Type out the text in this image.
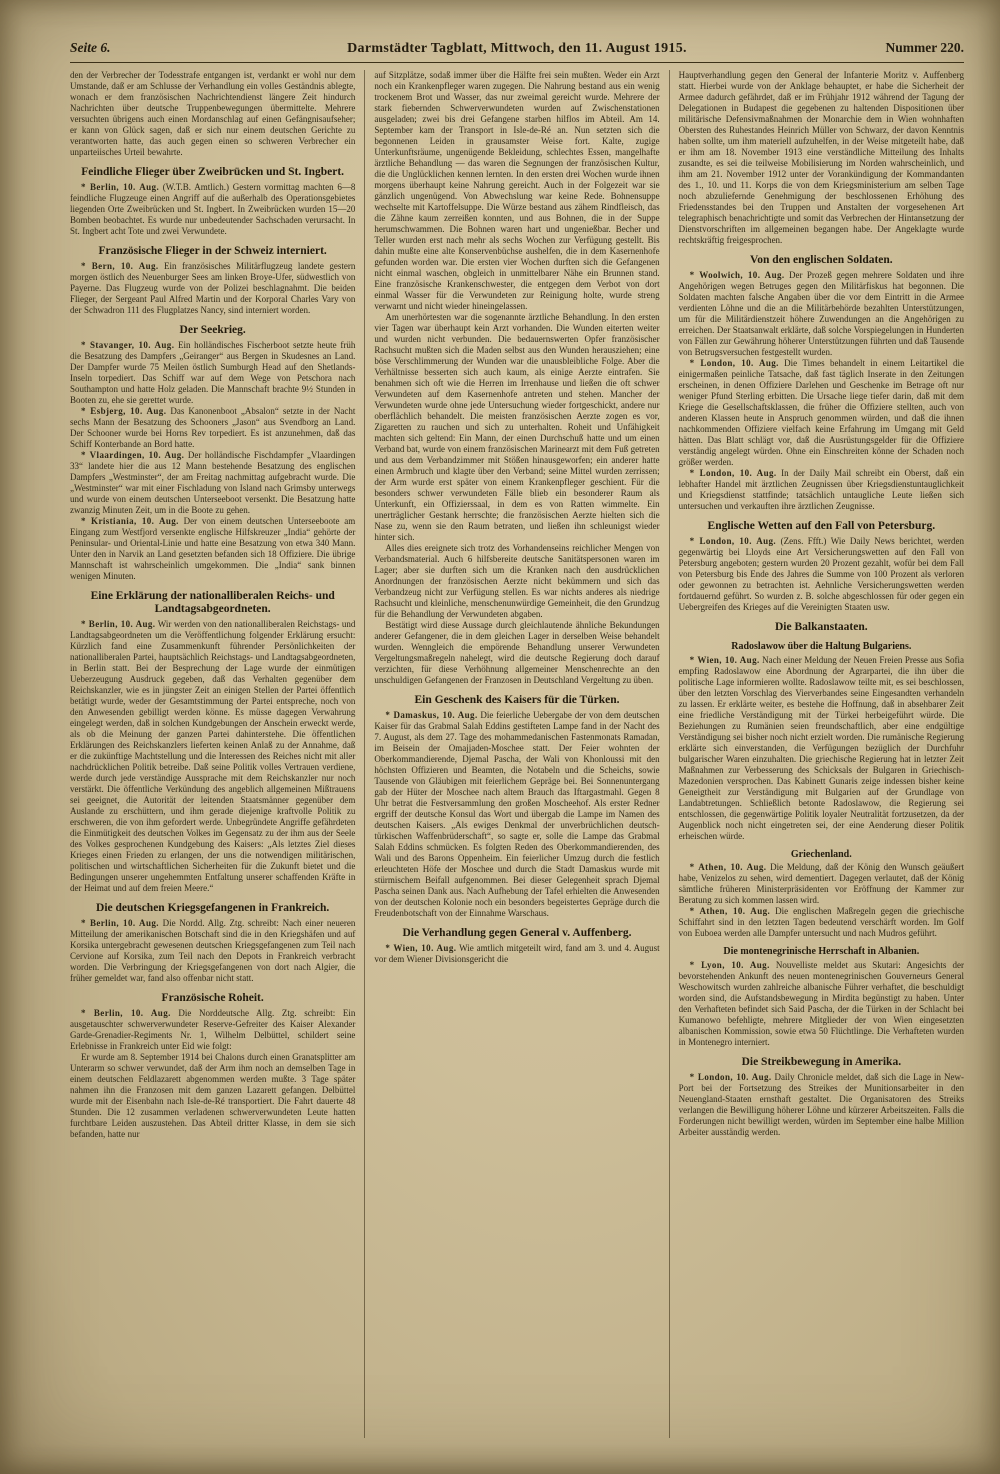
Seite 6.	Darmstädter Tagblatt, Mittwoch, den 11. August 1915.	Nummer 220.
den der Verbrecher der Todesstrafe entgangen ist, verdankt er wohl nur dem Umstande, daß er am Schlusse der Verhandlung ein volles Geständnis ablegte, wonach er dem französischen Nachrichtendienst längere Zeit hindurch Nachrichten über deutsche Truppenbewegungen übermittelte. Mehrere versuchten übrigens auch einen Mordanschlag auf einen Gefängnisaufseher; er kann von Glück sagen, daß er sich nur einem deutschen Gerichte zu verantworten hatte, das auch gegen einen so schweren Verbrecher ein unparteiisches Urteil bewahrte.
Feindliche Flieger über Zweibrücken und St. Ingbert.
* Berlin, 10. Aug. (W.T.B. Amtlich.) Gestern vormittag machten 6—8 feindliche Flugzeuge einen Angriff auf die außerhalb des Operationsgebietes liegenden Orte Zweibrücken und St. Ingbert. In Zweibrücken wurden 15—20 Bomben beobachtet. Es wurde nur unbedeutender Sachschaden verursacht. In St. Ingbert acht Tote und zwei Verwundete.
Französische Flieger in der Schweiz interniert.
* Bern, 10. Aug. Ein französisches Militärflugzeug landete gestern morgen östlich des Neuenburger Sees am linken Broye-Ufer, südwestlich von Payerne. Das Flugzeug wurde von der Polizei beschlagnahmt. Die beiden Flieger, der Sergeant Paul Alfred Martin und der Korporal Charles Vary von der Schwadron 111 des Flugplatzes Nancy, sind interniert worden.
Der Seekrieg.
* Stavanger, 10. Aug. Ein holländisches Fischerboot setzte heute früh die Besatzung des Dampfers „Geiranger“ aus Bergen in Skudesnes an Land. Der Dampfer wurde 75 Meilen östlich Sumburgh Head auf den Shetlands-Inseln torpediert. Das Schiff war auf dem Wege von Petschora nach Southampton und hatte Holz geladen. Die Mannschaft brachte 9½ Stunden in Booten zu, ehe sie gerettet wurde.
* Esbjerg, 10. Aug. Das Kanonenboot „Absalon“ setzte in der Nacht sechs Mann der Besatzung des Schooners „Jason“ aus Svendborg an Land. Der Schooner wurde bei Horns Rev torpediert. Es ist anzunehmen, daß das Schiff Konterbande an Bord hatte.
* Vlaardingen, 10. Aug. Der holländische Fischdampfer „Vlaardingen 33“ landete hier die aus 12 Mann bestehende Besatzung des englischen Dampfers „Westminster“, der am Freitag nachmittag aufgebracht wurde. Die „Westminster“ war mit einer Fischladung von Island nach Grimsby unterwegs und wurde von einem deutschen Unterseeboot versenkt. Die Besatzung hatte zwanzig Minuten Zeit, um in die Boote zu gehen.
* Kristiania, 10. Aug. Der von einem deutschen Unterseeboote am Eingang zum Westfjord versenkte englische Hilfskreuzer „India“ gehörte der Peninsular- und Oriental-Linie und hatte eine Besatzung von etwa 340 Mann. Unter den in Narvik an Land gesetzten befanden sich 18 Offiziere. Die übrige Mannschaft ist wahrscheinlich umgekommen. Die „India“ sank binnen wenigen Minuten.
Eine Erklärung der nationalliberalen Reichs- und Landtagsabgeordneten.
* Berlin, 10. Aug. Wir werden von den nationalliberalen Reichstags- und Landtagsabgeordneten um die Veröffentlichung folgender Erklärung ersucht: Kürzlich fand eine Zusammenkunft führender Persönlichkeiten der nationalliberalen Partei, hauptsächlich Reichstags- und Landtagsabgeordneten, in Berlin statt. Bei der Besprechung der Lage wurde der einmütigen Ueberzeugung Ausdruck gegeben, daß das Verhalten gegenüber dem Reichskanzler, wie es in jüngster Zeit an einigen Stellen der Partei öffentlich betätigt wurde, weder der Gesamtstimmung der Partei entspreche, noch von den Anwesenden gebilligt werden könne. Es müsse dagegen Verwahrung eingelegt werden, daß in solchen Kundgebungen der Anschein erweckt werde, als ob die Meinung der ganzen Partei dahinterstehe. Die öffentlichen Erklärungen des Reichskanzlers lieferten keinen Anlaß zu der Annahme, daß er die zukünftige Machtstellung und die Interessen des Reiches nicht mit aller nachdrücklichen Politik betreibe. Daß seine Politik volles Vertrauen verdiene, werde durch jede verständige Aussprache mit dem Reichskanzler nur noch verstärkt. Die öffentliche Verkündung des angeblich allgemeinen Mißtrauens sei geeignet, die Autorität der leitenden Staatsmänner gegenüber dem Auslande zu erschüttern, und ihm gerade diejenige kraftvolle Politik zu erschweren, die von ihm gefordert werde. Unbegründete Angriffe gefährdeten die Einmütigkeit des deutschen Volkes im Gegensatz zu der ihm aus der Seele des Volkes gesprochenen Kundgebung des Kaisers: „Als letztes Ziel dieses Krieges einen Frieden zu erlangen, der uns die notwendigen militärischen, politischen und wirtschaftlichen Sicherheiten für die Zukunft bietet und die Bedingungen unserer ungehemmten Entfaltung unserer schaffenden Kräfte in der Heimat und auf dem freien Meere.“
Die deutschen Kriegsgefangenen in Frankreich.
* Berlin, 10. Aug. Die Nordd. Allg. Ztg. schreibt: Nach einer neueren Mitteilung der amerikanischen Botschaft sind die in den Kriegshäfen und auf Korsika untergebracht gewesenen deutschen Kriegsgefangenen zum Teil nach Cervione auf Korsika, zum Teil nach den Depots in Frankreich verbracht worden. Die Verbringung der Kriegsgefangenen von dort nach Algier, die früher gemeldet war, fand also offenbar nicht statt.
Französische Roheit.
* Berlin, 10. Aug. Die Norddeutsche Allg. Ztg. schreibt: Ein ausgetauschter schwerverwundeter Reserve-Gefreiter des Kaiser Alexander Garde-Grenadier-Regiments Nr. 1, Wilhelm Delbüttel, schildert seine Erlebnisse in Frankreich unter Eid wie folgt:
Er wurde am 8. September 1914 bei Chalons durch einen Granatsplitter am Unterarm so schwer verwundet, daß der Arm ihm noch an demselben Tage in einem deutschen Feldlazarett abgenommen werden mußte. 3 Tage später nahmen ihn die Franzosen mit dem ganzen Lazarett gefangen. Delbüttel wurde mit der Eisenbahn nach Isle-de-Ré transportiert. Die Fahrt dauerte 48 Stunden. Die 12 zusammen verladenen schwerverwundeten Leute hatten furchtbare Leiden auszustehen. Das Abteil dritter Klasse, in dem sie sich befanden, hatte nur
auf Sitzplätze, sodaß immer über die Hälfte frei sein mußten. Weder ein Arzt noch ein Krankenpfleger waren zugegen. Die Nahrung bestand aus ein wenig trockenem Brot und Wasser, das nur zweimal gereicht wurde. Mehrere der stark fiebernden Schwerverwundeten wurden auf Zwischenstationen ausgeladen; zwei bis drei Gefangene starben hilflos im Abteil. Am 14. September kam der Transport in Isle-de-Ré an. Nun setzten sich die begonnenen Leiden in grausamster Weise fort. Kalte, zugige Unterkunftsräume, ungenügende Bekleidung, schlechtes Essen, mangelhafte ärztliche Behandlung — das waren die Segnungen der französischen Kultur, die die Unglücklichen kennen lernten. In den ersten drei Wochen wurde ihnen morgens überhaupt keine Nahrung gereicht. Auch in der Folgezeit war sie gänzlich ungenügend. Von Abwechslung war keine Rede. Bohnensuppe wechselte mit Kartoffelsuppe. Die Würze bestand aus zähem Rindfleisch, das die Zähne kaum zerreißen konnten, und aus Bohnen, die in der Suppe herumschwammen. Die Bohnen waren hart und ungenießbar. Becher und Teller wurden erst nach mehr als sechs Wochen zur Verfügung gestellt. Bis dahin mußte eine alte Konservenbüchse aushelfen, die in dem Kasernenhofe gefunden worden war. Die ersten vier Wochen durften sich die Gefangenen nicht einmal waschen, obgleich in unmittelbarer Nähe ein Brunnen stand. Eine französische Krankenschwester, die entgegen dem Verbot von dort einmal Wasser für die Verwundeten zur Reinigung holte, wurde streng verwarnt und nicht wieder hineingelassen.
Am unerhörtesten war die sogenannte ärztliche Behandlung. In den ersten vier Tagen war überhaupt kein Arzt vorhanden. Die Wunden eiterten weiter und wurden nicht verbunden. Die bedauernswerten Opfer französischer Rachsucht mußten sich die Maden selbst aus den Wunden herausziehen; eine böse Verschlimmerung der Wunden war die unausbleibliche Folge. Aber die Verhältnisse besserten sich auch kaum, als einige Aerzte eintrafen. Sie benahmen sich oft wie die Herren im Irrenhause und ließen die oft schwer Verwundeten auf dem Kasernenhofe antreten und stehen. Mancher der Verwundeten wurde ohne jede Untersuchung wieder fortgeschickt, andere nur oberflächlich behandelt. Die meisten französischen Aerzte zogen es vor, Zigaretten zu rauchen und sich zu unterhalten. Roheit und Unfähigkeit machten sich geltend: Ein Mann, der einen Durchschuß hatte und um einen Verband bat, wurde von einem französischen Marinearzt mit dem Fuß getreten und aus dem Verbandzimmer mit Stößen hinausgeworfen; ein anderer hatte einen Armbruch und klagte über den Verband; seine Mittel wurden zerrissen; der Arm wurde erst später von einem Krankenpfleger geschient. Für die besonders schwer verwundeten Fälle blieb ein besonderer Raum als Unterkunft, ein Offizierssaal, in dem es von Ratten wimmelte. Ein unerträglicher Gestank herrschte; die französischen Aerzte hielten sich die Nase zu, wenn sie den Raum betraten, und ließen ihn schleunigst wieder hinter sich.
Alles dies ereignete sich trotz des Vorhandenseins reichlicher Mengen von Verbandsmaterial. Auch 6 hilfsbereite deutsche Sanitätspersonen waren im Lager; aber sie durften sich um die Kranken nach den ausdrücklichen Anordnungen der französischen Aerzte nicht bekümmern und sich das Verbandzeug nicht zur Verfügung stellen. Es war nichts anderes als niedrige Rachsucht und kleinliche, menschenunwürdige Gemeinheit, die den Grundzug für die Behandlung der Verwundeten abgaben.
Bestätigt wird diese Aussage durch gleichlautende ähnliche Bekundungen anderer Gefangener, die in dem gleichen Lager in derselben Weise behandelt wurden. Wenngleich die empörende Behandlung unserer Verwundeten Vergeltungsmaßregeln nahelegt, wird die deutsche Regierung doch darauf verzichten, für diese Verhöhnung allgemeiner Menschenrechte an den unschuldigen Gefangenen der Franzosen in Deutschland Vergeltung zu üben.
Ein Geschenk des Kaisers für die Türken.
* Damaskus, 10. Aug. Die feierliche Uebergabe der von dem deutschen Kaiser für das Grabmal Salah Eddins gestifteten Lampe fand in der Nacht des 7. August, als dem 27. Tage des mohammedanischen Fastenmonats Ramadan, im Beisein der Omajjaden-Moschee statt. Der Feier wohnten der Oberkommandierende, Djemal Pascha, der Wali von Khonloussi mit den höchsten Offizieren und Beamten, die Notabeln und die Scheichs, sowie Tausende von Gläubigen mit feierlichem Gepräge bei. Bei Sonnenuntergang gab der Hüter der Moschee nach altem Brauch das Iftargastmahl. Gegen 8 Uhr betrat die Festversammlung den großen Moscheehof. Als erster Redner ergriff der deutsche Konsul das Wort und übergab die Lampe im Namen des deutschen Kaisers. „Als ewiges Denkmal der unverbrüchlichen deutsch-türkischen Waffenbrüderschaft“, so sagte er, solle die Lampe das Grabmal Salah Eddins schmücken. Es folgten Reden des Oberkommandierenden, des Wali und des Barons Oppenheim. Ein feierlicher Umzug durch die festlich erleuchteten Höfe der Moschee und durch die Stadt Damaskus wurde mit stürmischem Beifall aufgenommen. Bei dieser Gelegenheit sprach Djemal Pascha seinen Dank aus. Nach Aufhebung der Tafel erhielten die Anwesenden von der deutschen Kolonie noch ein besonders begeistertes Gepräge durch die Freudenbotschaft von der Einnahme Warschaus.
Die Verhandlung gegen General v. Auffenberg.
* Wien, 10. Aug. Wie amtlich mitgeteilt wird, fand am 3. und 4. August vor dem Wiener Divisionsgericht die
Hauptverhandlung gegen den General der Infanterie Moritz v. Auffenberg statt. Hierbei wurde von der Anklage behauptet, er habe die Sicherheit der Armee dadurch gefährdet, daß er im Frühjahr 1912 während der Tagung der Delegationen in Budapest die gegebenen zu haltenden Dispositionen über militärische Defensivmaßnahmen der Monarchie dem in Wien wohnhaften Obersten des Ruhestandes Heinrich Müller von Schwarz, der davon Kenntnis haben sollte, um ihm materiell aufzuhelfen, in der Weise mitgeteilt habe, daß er ihm am 18. November 1913 eine verständliche Mitteilung des Inhalts zusandte, es sei die teilweise Mobilisierung im Norden wahrscheinlich, und ihm am 21. November 1912 unter der Vorankündigung der Kommandanten des 1., 10. und 11. Korps die von dem Kriegsministerium am selben Tage noch abzuliefernde Genehmigung der beschlossenen Erhöhung des Friedensstandes bei den Truppen und Anstalten der vorgesehenen Art telegraphisch benachrichtigte und somit das Verbrechen der Hintansetzung der Dienstvorschriften im allgemeinen begangen habe. Der Angeklagte wurde rechtskräftig freigesprochen.
Von den englischen Soldaten.
* Woolwich, 10. Aug. Der Prozeß gegen mehrere Soldaten und ihre Angehörigen wegen Betruges gegen den Militärfiskus hat begonnen. Die Soldaten machten falsche Angaben über die vor dem Eintritt in die Armee verdienten Löhne und die an die Militärbehörde bezahlten Unterstützungen, um für die Militärdienstzeit höhere Zuwendungen an die Angehörigen zu erreichen. Der Staatsanwalt erklärte, daß solche Vorspiegelungen in Hunderten von Fällen zur Gewährung höherer Unterstützungen führten und daß Tausende von Betrugsversuchen festgestellt wurden.
* London, 10. Aug. Die Times behandelt in einem Leitartikel die einigermaßen peinliche Tatsache, daß fast täglich Inserate in den Zeitungen erscheinen, in denen Offiziere Darlehen und Geschenke im Betrage oft nur weniger Pfund Sterling erbitten. Die Ursache liege tiefer darin, daß mit dem Kriege die Gesellschaftsklassen, die früher die Offiziere stellten, auch von anderen Klassen heute in Anspruch genommen würden, und daß die ihnen nachkommenden Offiziere vielfach keine Erfahrung im Umgang mit Geld hätten. Das Blatt schlägt vor, daß die Ausrüstungsgelder für die Offiziere verständig angelegt würden. Ohne ein Einschreiten könne der Schaden noch größer werden.
* London, 10. Aug. In der Daily Mail schreibt ein Oberst, daß ein lebhafter Handel mit ärztlichen Zeugnissen über Kriegsdienstuntauglichkeit und Kriegsdienst stattfinde; tatsächlich untaugliche Leute ließen sich untersuchen und verkauften ihre ärztlichen Zeugnisse.
Englische Wetten auf den Fall von Petersburg.
* London, 10. Aug. (Zens. Ffft.) Wie Daily News berichtet, werden gegenwärtig bei Lloyds eine Art Versicherungswetten auf den Fall von Petersburg angeboten; gestern wurden 20 Prozent gezahlt, wofür bei dem Fall von Petersburg bis Ende des Jahres die Summe von 100 Prozent als verloren oder gewonnen zu betrachten ist. Aehnliche Versicherungswetten werden fortdauernd geführt. So wurden z. B. solche abgeschlossen für oder gegen ein Uebergreifen des Krieges auf die Vereinigten Staaten usw.
Die Balkanstaaten.
Radoslawow über die Haltung Bulgariens.
* Wien, 10. Aug. Nach einer Meldung der Neuen Freien Presse aus Sofia empfing Radoslawow eine Abordnung der Agrarpartei, die ihn über die politische Lage informieren wollte. Radoslawow teilte mit, es sei beschlossen, über den letzten Vorschlag des Vierverbandes seine Eingesandten verhandeln zu lassen. Er erklärte weiter, es bestehe die Hoffnung, daß in absehbarer Zeit eine friedliche Verständigung mit der Türkei herbeigeführt würde. Die Beziehungen zu Rumänien seien freundschaftlich, aber eine endgültige Verständigung sei bisher noch nicht erzielt worden. Die rumänische Regierung erklärte sich einverstanden, die Verfügungen bezüglich der Durchfuhr bulgarischer Waren einzuhalten. Die griechische Regierung hat in letzter Zeit Maßnahmen zur Verbesserung des Schicksals der Bulgaren in Griechisch-Mazedonien versprochen. Das Kabinett Gunaris zeige indessen bisher keine Geneigtheit zur Verständigung mit Bulgarien auf der Grundlage von Landabtretungen. Schließlich betonte Radoslawow, die Regierung sei entschlossen, die gegenwärtige Politik loyaler Neutralität fortzusetzen, da der Augenblick noch nicht eingetreten sei, der eine Aenderung dieser Politik erheischen würde.
Griechenland.
* Athen, 10. Aug. Die Meldung, daß der König den Wunsch geäußert habe, Venizelos zu sehen, wird dementiert. Dagegen verlautet, daß der König sämtliche früheren Ministerpräsidenten vor Eröffnung der Kammer zur Beratung zu sich kommen lassen wird.
* Athen, 10. Aug. Die englischen Maßregeln gegen die griechische Schiffahrt sind in den letzten Tagen bedeutend verschärft worden. Im Golf von Euboea werden alle Dampfer untersucht und nach Mudros geführt.
Die montenegrinische Herrschaft in Albanien.
* Lyon, 10. Aug. Nouvelliste meldet aus Skutari: Angesichts der bevorstehenden Ankunft des neuen montenegrinischen Gouverneurs General Weschowitsch wurden zahlreiche albanische Führer verhaftet, die beschuldigt worden sind, die Aufstandsbewegung in Mirdita begünstigt zu haben. Unter den Verhafteten befindet sich Said Pascha, der die Türken in der Schlacht bei Kumanowo befehligte, mehrere Mitglieder der von Wien eingesetzten albanischen Kommission, sowie etwa 50 Flüchtlinge. Die Verhafteten wurden in Montenegro interniert.
Die Streikbewegung in Amerika.
* London, 10. Aug. Daily Chronicle meldet, daß sich die Lage in New-Port bei der Fortsetzung des Streikes der Munitionsarbeiter in den Neuengland-Staaten ernsthaft gestaltet. Die Organisatoren des Streiks verlangen die Bewilligung höherer Löhne und kürzerer Arbeitszeiten. Falls die Forderungen nicht bewilligt werden, würden im September eine halbe Million Arbeiter ausständig werden.
